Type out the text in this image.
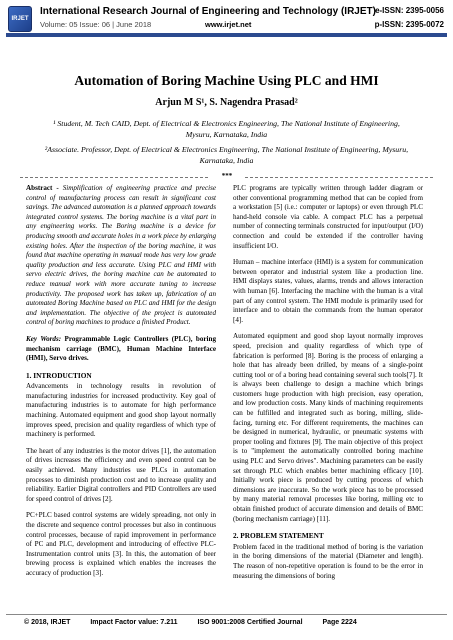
IRJET
International Research Journal of Engineering and Technology (IRJET) e-ISSN: 2395-0056
Volume: 05 Issue: 06 | June 2018	www.irjet.net	p-ISSN: 2395-0072
Automation of Boring Machine Using PLC and HMI
Arjun M S¹, S. Nagendra Prasad²
¹ Student, M. Tech CAID, Dept. of Electrical & Electronics Engineering, The National Institute of Engineering, Mysuru, Karnataka, India
²Associate. Professor, Dept. of Electrical & Electronics Engineering, The National Institute of Engineering, Mysuru, Karnataka, India
***

Abstract - Simplification of engineering practice and precise control of manufacturing process can result in significant cost savings. The advanced automation is a planned approach towards integrated control systems. The boring machine is a vital part in any engineering works. The Boring machine is a device for producing smooth and accurate holes in a work piece by enlarging existing holes. After the inspection of the boring machine, it was found that machine operating in manual mode has very low grade quality production and less accurate. Using PLC and HMI with servo electric drives, the boring machine can be automated to reduce manual work with more accurate tuning to increase productivity. The proposed work has taken up, fabrication of an automated Boring Machine based on PLC and HMI for the design and implementation. The objective of the project is automated control of boring machines to produce a finished Product.

Key Words: Programmable Logic Controllers (PLC), boring mechanism carriage (BMC), Human Machine Interface (HMI), Servo drives.

1. INTRODUCTION

Advancements in technology results in revolution of manufacturing industries for increased productivity. Key goal of manufacturing industries is to automate for high performance machining. Automated equipment and good shop layout normally improves speed, precision and quality regardless of which type of machinery is performed.

The heart of any industries is the motor drives [1], the automation of drives increases the efficiency and even speed control can be easily achieved. Many industries use PLCs in automation processes to diminish production cost and to increase quality and reliability. Earlier Digital controllers and PID Controllers are used for speed control of drives [2].

PC+PLC based control systems are widely spreading, not only in the discrete and sequence control processes but also in continuous control processes, because of rapid improvement in performance of PC and PLC, development and introducing of effective PLC-Instrumentation control units [3]. In this, the automation of beer brewing process is explained which enables the increases the accuracy of production [3].

PLC programs are typically written through ladder diagram or other conventional programming method that can be copied from a workstation [5] (i.e.: computer or laptops) or even through PLC hand-held console via cable. A compact PLC has a perpetual number of connecting terminals constructed for input/output (I/O) connection and could be extended if the controller having insufficient I/O.

Human – machine interface (HMI) is a system for communication between operator and industrial system like a production line. HMI displays states, values, alarms, trends and allows interaction with human [6]. Interfacing the machine with the human is a vital part of any control system. The HMI module is primarily used for interface and to obtain the commands from the human operator [4].

Automated equipment and good shop layout normally improves speed, precision and quality regardless of which type of fabrication is performed [8]. Boring is the process of enlarging a hole that has already been drilled, by means of a single-point cutting tool or of a boring head containing several such tools[7]. It is always been challenge to design a machine which brings customers huge production with high precision, easy operation, and low production costs. Many kinds of machining requirements can be fulfilled and integrated such as boring, milling, slide-facing, turning etc. For different requirements, the machines can be designed in numerical, hydraulic, or pneumatic systems with proper tooling and fixtures [9]. The main objective of this project is to "implement the automatically controlled boring machine using PLC and Servo drives". Machining parameters can be easily set through PLC which enables better machining efficacy [10]. Initially work piece is produced by cutting process of which dimensions are inaccurate. So the work piece has to be processed by many material removal processes like boring, milling etc to obtain finished product of accurate dimension and details of BMC (boring mechanism carriage) [11].

2. PROBLEM STATEMENT

Problem faced in the traditional method of boring is the variation in the boring dimensions of the material (Diameter and length). The reason of non-repetitive operation is found to be the error in measuring the dimensions of boring

© 2018, IRJET	Impact Factor value: 7.211	ISO 9001:2008 Certified Journal	Page 2224
